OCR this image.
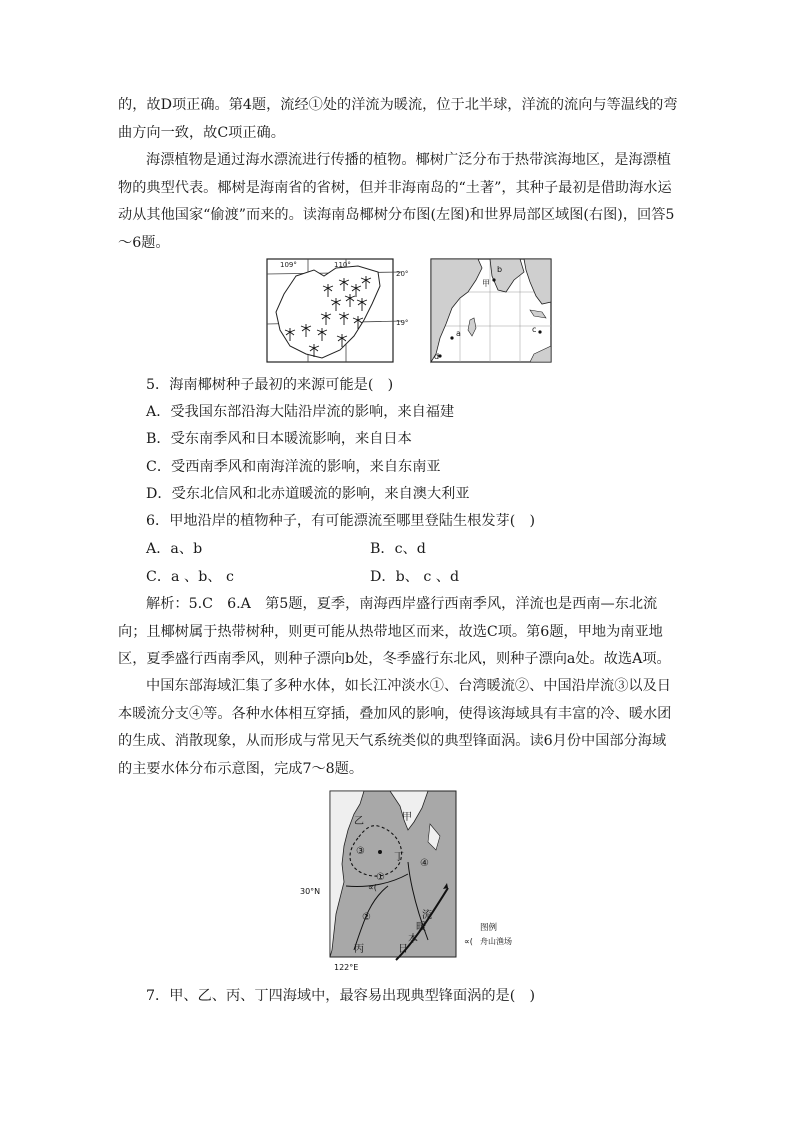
的，故D项正确。第4题，流经①处的洋流为暖流，位于北半球，洋流的流向与等温线的弯曲方向一致，故C项正确。

海漂植物是通过海水漂流进行传播的植物。椰树广泛分布于热带滨海地区，是海漂植物的典型代表。椰树是海南省的省树，但并非海南岛的“土著”，其种子最初是借助海水运动从其他国家“偷渡”而来的。读海南岛椰树分布图(左图)和世界局部区域图(右图)，回答5～6题。

109°	110°
20°
19°
甲
b
a	c
d
5．海南椰树种子最初的来源可能是(　)
A．受我国东部沿海大陆沿岸流的影响，来自福建
B．受东南季风和日本暖流影响，来自日本
C．受西南季风和南海洋流的影响，来自东南亚
D．受东北信风和北赤道暖流的影响，来自澳大利亚
6．甲地沿岸的植物种子，有可能漂流至哪里登陆生根发芽(　)
A．a、b	B．c、d
C．a 、b、 c	D．b、 c 、d

解析：5.C　6.A　第5题，夏季，南海西岸盛行西南季风，洋流也是西南—东北流向；且椰树属于热带树种，则更可能从热带地区而来，故选C项。第6题，甲地为南亚地区，夏季盛行西南季风，则种子漂向b处，冬季盛行东北风，则种子漂向a处。故选A项。

中国东部海域汇集了多种水体，如长江冲淡水①、台湾暖流②、中国沿岸流③以及日本暖流分支④等。各种水体相互穿插，叠加风的影响，使得该海域具有丰富的冷、暖水团的生成、消散现象，从而形成与常见天气系统类似的典型锋面涡。读6月份中国部分海域的主要水体分布示意图，完成7～8题。

乙	甲
丁
丙
①
②
③
④
日
本
暖
流
∝(
30°N
122°E
图例
∝( 舟山渔场
7．甲、乙、丙、丁四海域中，最容易出现典型锋面涡的是(　)
